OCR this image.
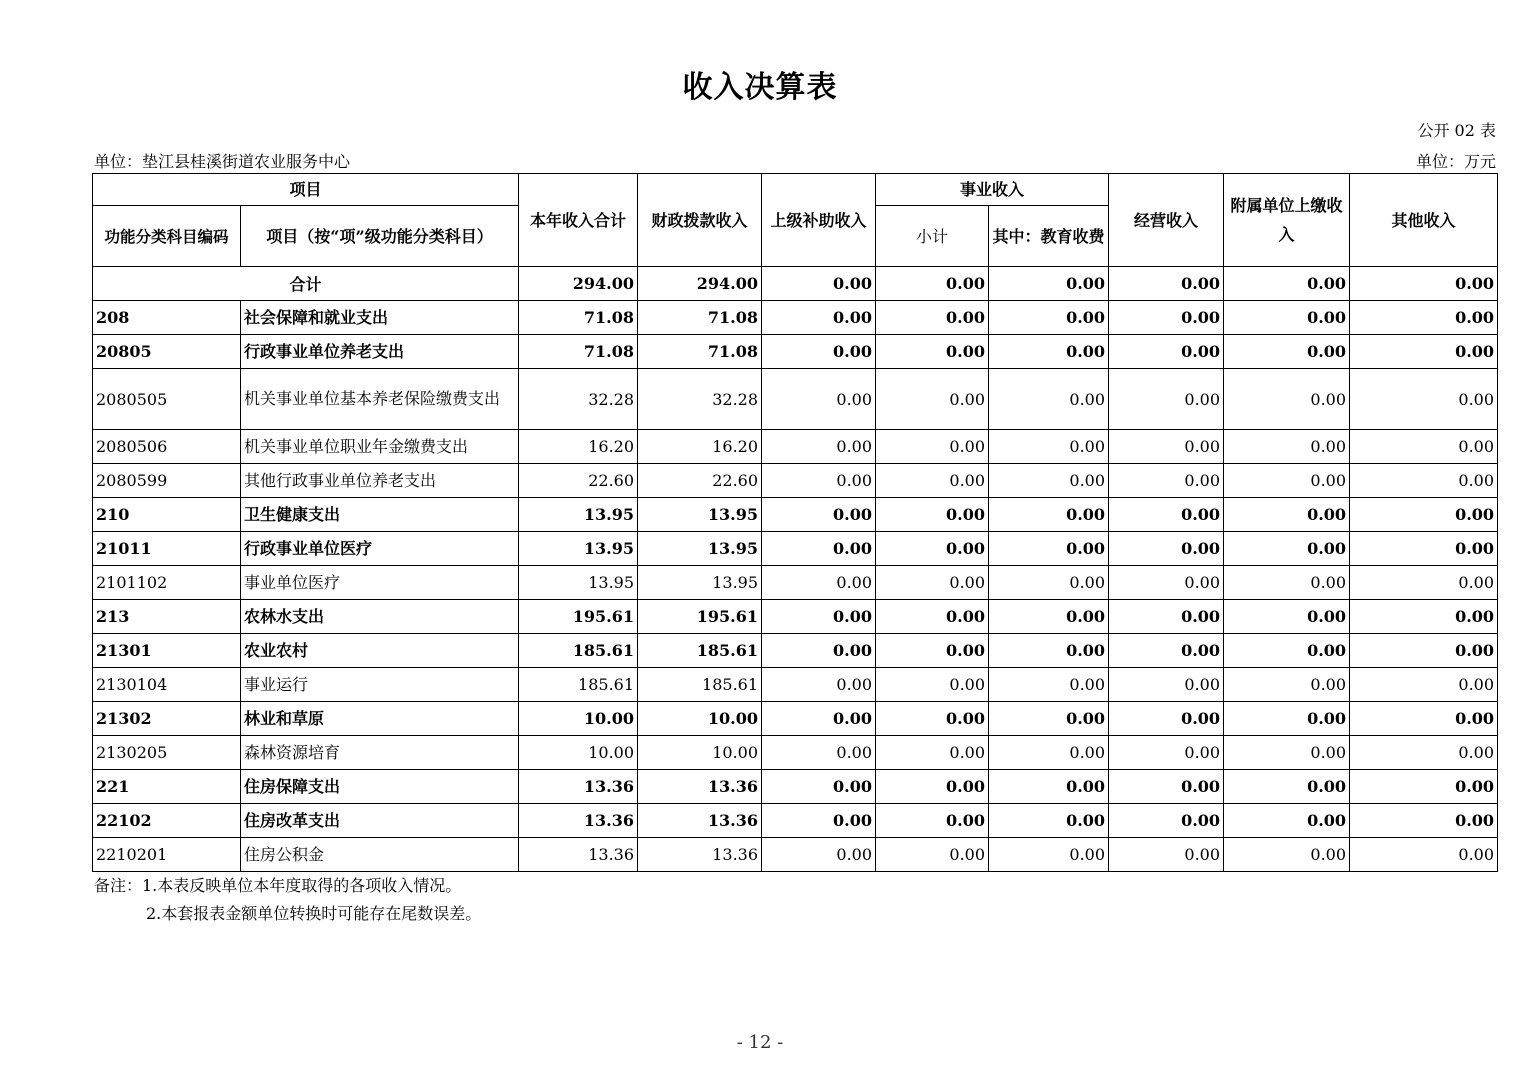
收入决算表
公开 02 表
单位：垫江县桂溪街道农业服务中心	单位：万元
项目		本年收入合计	财政拨款收入	上级补助收入	事业收入		经营收入	附属单位上缴收入	其他收入
功能分类科目编码	项目（按“项”级功能分类科目）				小计	其中：教育收费			
合计		294.00	294.00	0.00	0.00	0.00	0.00	0.00	0.00
208	社会保障和就业支出	71.08	71.08	0.00	0.00	0.00	0.00	0.00	0.00
20805	行政事业单位养老支出	71.08	71.08	0.00	0.00	0.00	0.00	0.00	0.00
2080505	机关事业单位基本养老保险缴费支出	32.28	32.28	0.00	0.00	0.00	0.00	0.00	0.00
2080506	机关事业单位职业年金缴费支出	16.20	16.20	0.00	0.00	0.00	0.00	0.00	0.00
2080599	其他行政事业单位养老支出	22.60	22.60	0.00	0.00	0.00	0.00	0.00	0.00
210	卫生健康支出	13.95	13.95	0.00	0.00	0.00	0.00	0.00	0.00
21011	行政事业单位医疗	13.95	13.95	0.00	0.00	0.00	0.00	0.00	0.00
2101102	事业单位医疗	13.95	13.95	0.00	0.00	0.00	0.00	0.00	0.00
213	农林水支出	195.61	195.61	0.00	0.00	0.00	0.00	0.00	0.00
21301	农业农村	185.61	185.61	0.00	0.00	0.00	0.00	0.00	0.00
2130104	事业运行	185.61	185.61	0.00	0.00	0.00	0.00	0.00	0.00
21302	林业和草原	10.00	10.00	0.00	0.00	0.00	0.00	0.00	0.00
2130205	森林资源培育	10.00	10.00	0.00	0.00	0.00	0.00	0.00	0.00
221	住房保障支出	13.36	13.36	0.00	0.00	0.00	0.00	0.00	0.00
22102	住房改革支出	13.36	13.36	0.00	0.00	0.00	0.00	0.00	0.00
2210201	住房公积金	13.36	13.36	0.00	0.00	0.00	0.00	0.00	0.00
备注：1.本表反映单位本年度取得的各项收入情况。
2.本套报表金额单位转换时可能存在尾数误差。
- 12 -
